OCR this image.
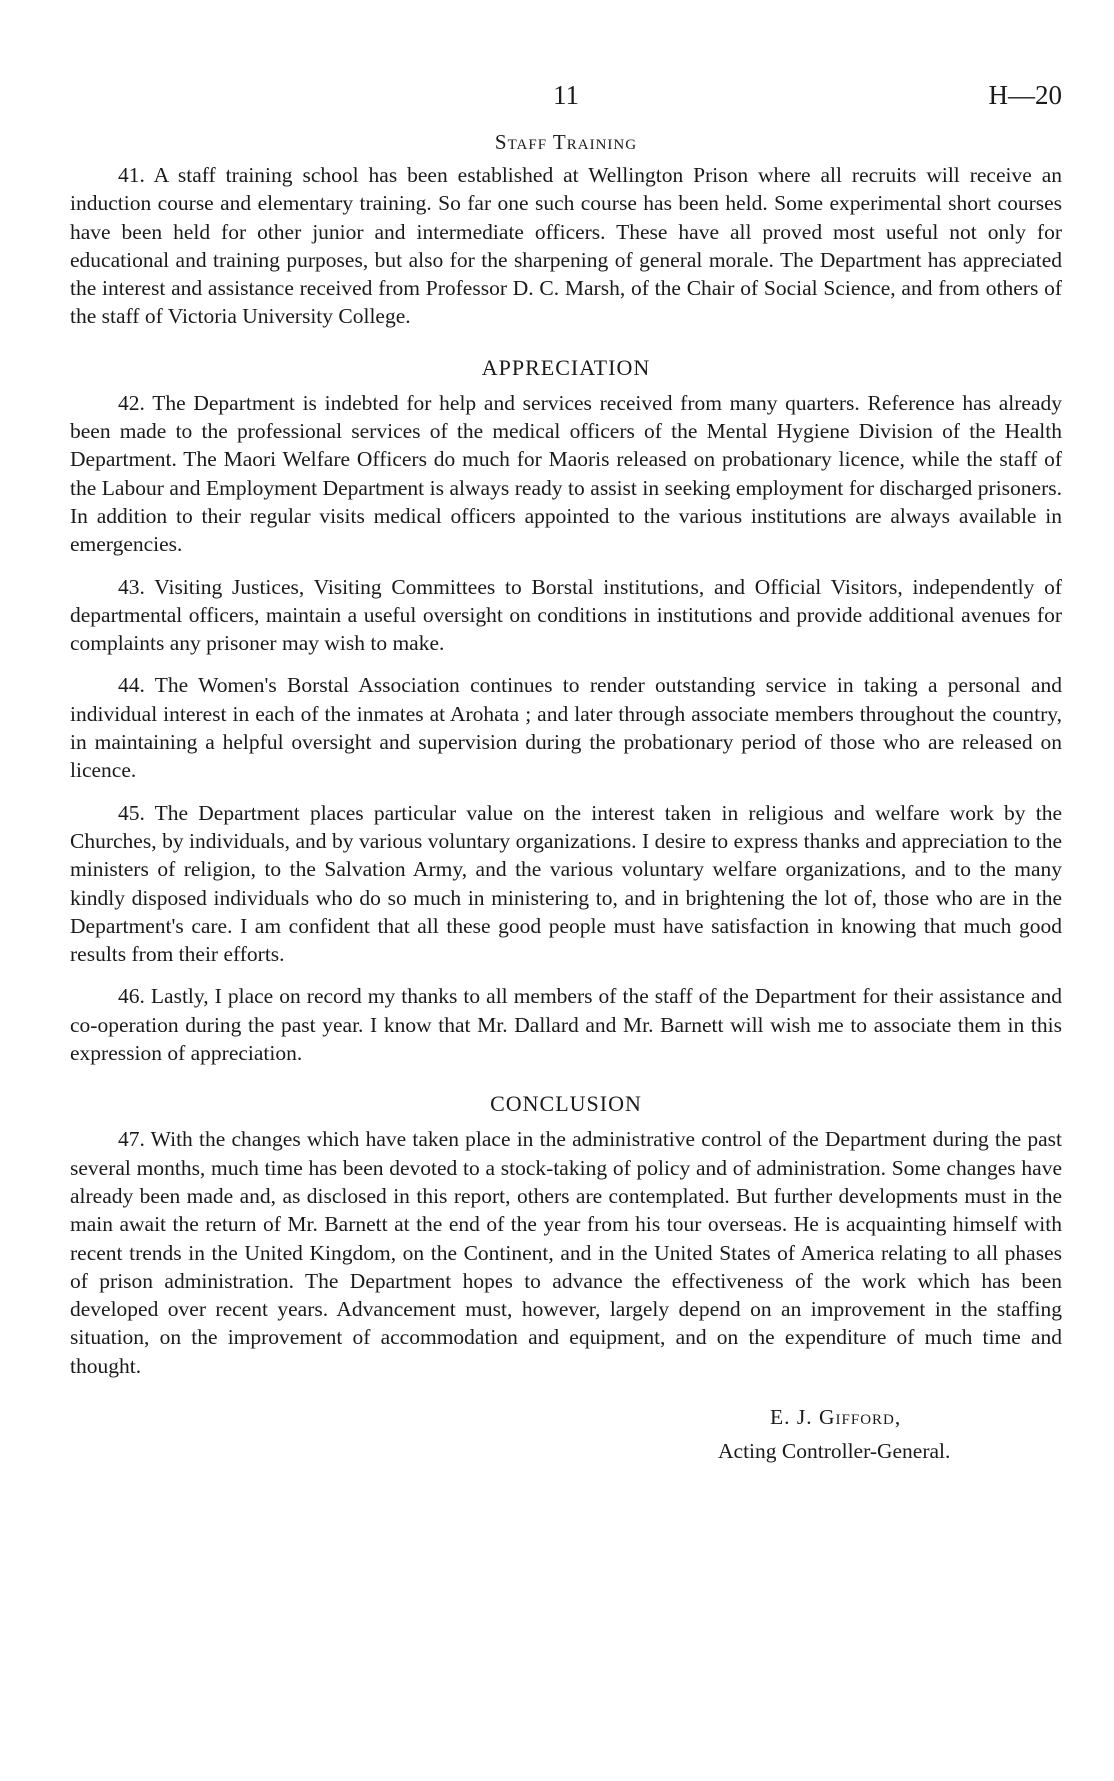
11	H—20
Staff Training

41. A staff training school has been established at Wellington Prison where all recruits will receive an induction course and elementary training. So far one such course has been held. Some experimental short courses have been held for other junior and intermediate officers. These have all proved most useful not only for educational and training purposes, but also for the sharpening of general morale. The Department has appreciated the interest and assistance received from Professor D. C. Marsh, of the Chair of Social Science, and from others of the staff of Victoria University College.

APPRECIATION

42. The Department is indebted for help and services received from many quarters. Reference has already been made to the professional services of the medical officers of the Mental Hygiene Division of the Health Department. The Maori Welfare Officers do much for Maoris released on probationary licence, while the staff of the Labour and Employment Department is always ready to assist in seeking employment for discharged prisoners. In addition to their regular visits medical officers appointed to the various institutions are always available in emergencies.

43. Visiting Justices, Visiting Committees to Borstal institutions, and Official Visitors, independently of departmental officers, maintain a useful oversight on conditions in institutions and provide additional avenues for complaints any prisoner may wish to make.

44. The Women's Borstal Association continues to render outstanding service in taking a personal and individual interest in each of the inmates at Arohata ; and later through associate members throughout the country, in maintaining a helpful oversight and supervision during the probationary period of those who are released on licence.

45. The Department places particular value on the interest taken in religious and welfare work by the Churches, by individuals, and by various voluntary organizations. I desire to express thanks and appreciation to the ministers of religion, to the Salvation Army, and the various voluntary welfare organizations, and to the many kindly disposed individuals who do so much in ministering to, and in brightening the lot of, those who are in the Department's care. I am confident that all these good people must have satisfaction in knowing that much good results from their efforts.

46. Lastly, I place on record my thanks to all members of the staff of the Department for their assistance and co-operation during the past year. I know that Mr. Dallard and Mr. Barnett will wish me to associate them in this expression of appreciation.

CONCLUSION

47. With the changes which have taken place in the administrative control of the Department during the past several months, much time has been devoted to a stock-taking of policy and of administration. Some changes have already been made and, as disclosed in this report, others are contemplated. But further developments must in the main await the return of Mr. Barnett at the end of the year from his tour overseas. He is acquainting himself with recent trends in the United Kingdom, on the Continent, and in the United States of America relating to all phases of prison administration. The Department hopes to advance the effectiveness of the work which has been developed over recent years. Advancement must, however, largely depend on an improvement in the staffing situation, on the improvement of accommodation and equipment, and on the expenditure of much time and thought.

E. J. Gifford,
Acting Controller-General.
